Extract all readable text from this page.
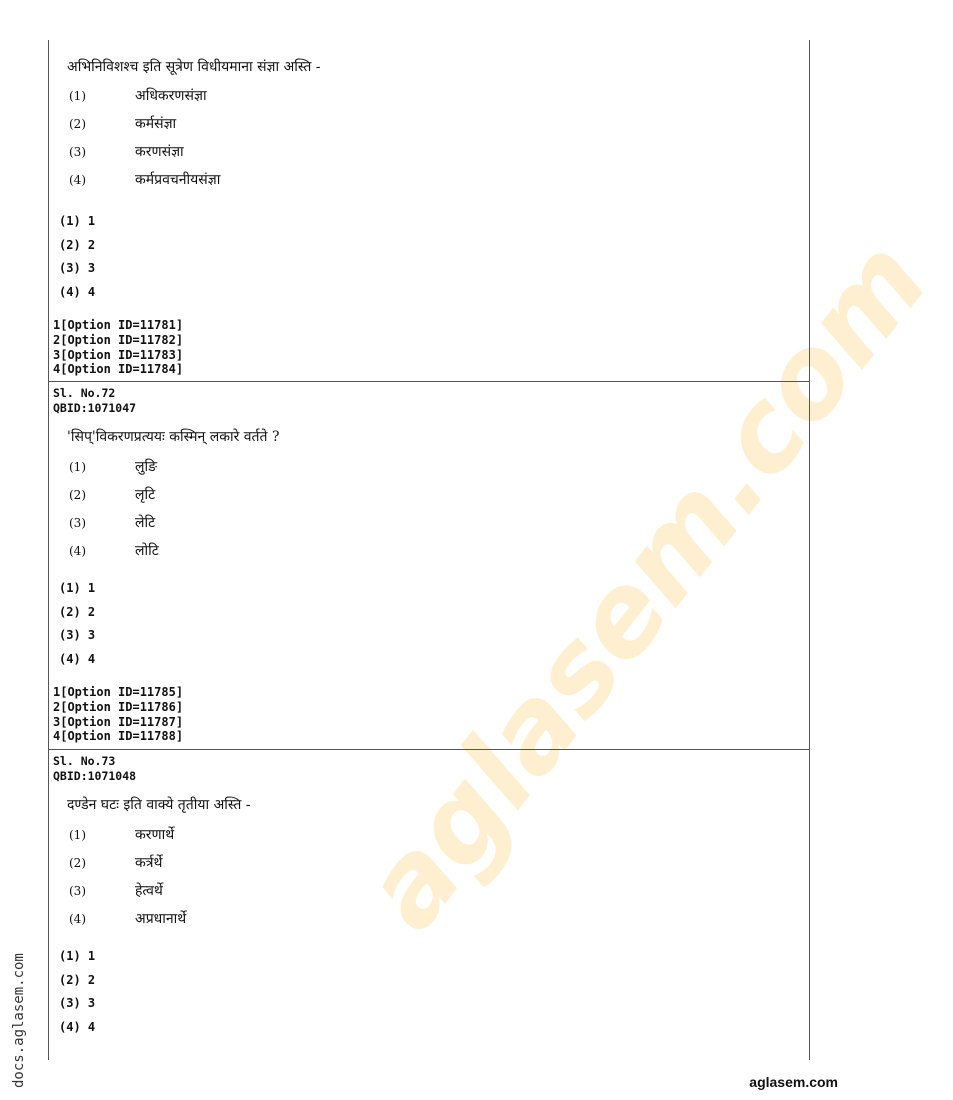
aglasem.com
अभिनिविशश्च इति सूत्रेण विधीयमाना संज्ञा अस्ति -
(1)	अधिकरणसंज्ञा
(2)	कर्मसंज्ञा
(3)	करणसंज्ञा
(4)	कर्मप्रवचनीयसंज्ञा
(1) 1
(2) 2
(3) 3
(4) 4
1[Option ID=11781]
2[Option ID=11782]
3[Option ID=11783]
4[Option ID=11784]
Sl. No.72
QBID:1071047
'सिप्'विकरणप्रत्ययः कस्मिन् लकारे वर्तते ?
(1)	लुङि
(2)	लृटि
(3)	लेटि
(4)	लोटि
(1) 1
(2) 2
(3) 3
(4) 4
1[Option ID=11785]
2[Option ID=11786]
3[Option ID=11787]
4[Option ID=11788]
Sl. No.73
QBID:1071048
दण्डेन घटः इति वाक्ये तृतीया अस्ति -
(1)	करणार्थे
(2)	कर्त्रर्थे
(3)	हेत्वर्थे
(4)	अप्रधानार्थे
(1) 1
(2) 2
(3) 3
(4) 4
docs.aglasem.com	aglasem.com
